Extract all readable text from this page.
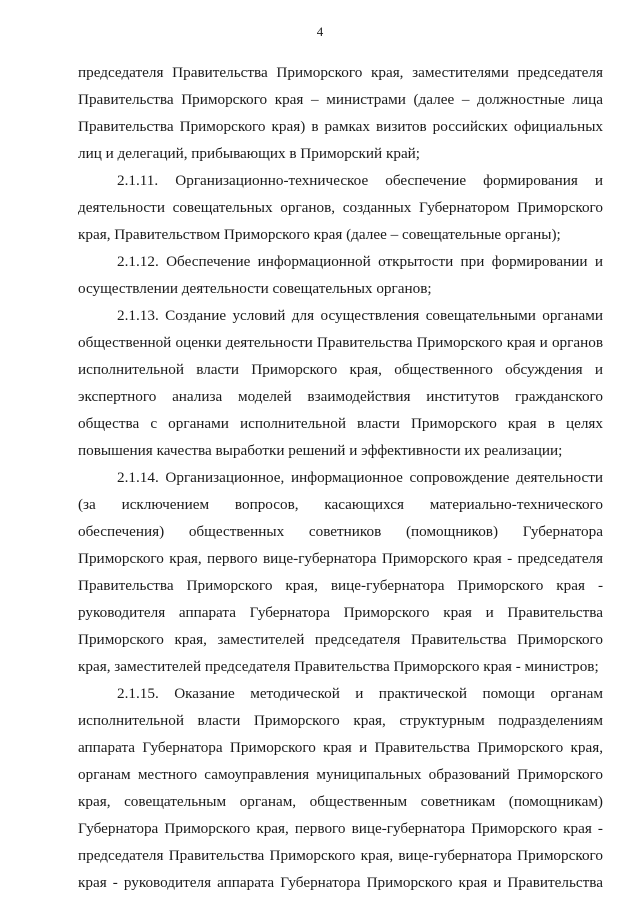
4
председателя Правительства Приморского края, заместителями председателя
Правительства Приморского края – министрами (далее – должностные лица
Правительства Приморского края) в рамках визитов российских официальных
лиц и делегаций, прибывающих в Приморский край;
2.1.11. Организационно-техническое обеспечение формирования и
деятельности совещательных органов, созданных Губернатором Приморского
края, Правительством Приморского края (далее – совещательные органы);
2.1.12. Обеспечение информационной открытости при формировании и
осуществлении деятельности совещательных органов;
2.1.13. Создание условий для осуществления совещательными органами
общественной оценки деятельности Правительства Приморского края и органов
исполнительной власти Приморского края, общественного обсуждения и
экспертного анализа моделей взаимодействия институтов гражданского
общества с органами исполнительной власти Приморского края в целях
повышения качества выработки решений и эффективности их реализации;
2.1.14. Организационное, информационное сопровождение деятельности
(за исключением вопросов, касающихся материально-технического
обеспечения) общественных советников (помощников) Губернатора
Приморского края, первого вице-губернатора Приморского края - председателя
Правительства Приморского края, вице-губернатора Приморского края -
руководителя аппарата Губернатора Приморского края и Правительства
Приморского края, заместителей председателя Правительства Приморского
края, заместителей председателя Правительства Приморского края - министров;
2.1.15. Оказание методической и практической помощи органам
исполнительной власти Приморского края, структурным подразделениям
аппарата Губернатора Приморского края и Правительства Приморского края,
органам местного самоуправления муниципальных образований Приморского
края, совещательным органам, общественным советникам (помощникам)
Губернатора Приморского края, первого вице-губернатора Приморского края -
председателя Правительства Приморского края, вице-губернатора Приморского
края - руководителя аппарата Губернатора Приморского края и Правительства
